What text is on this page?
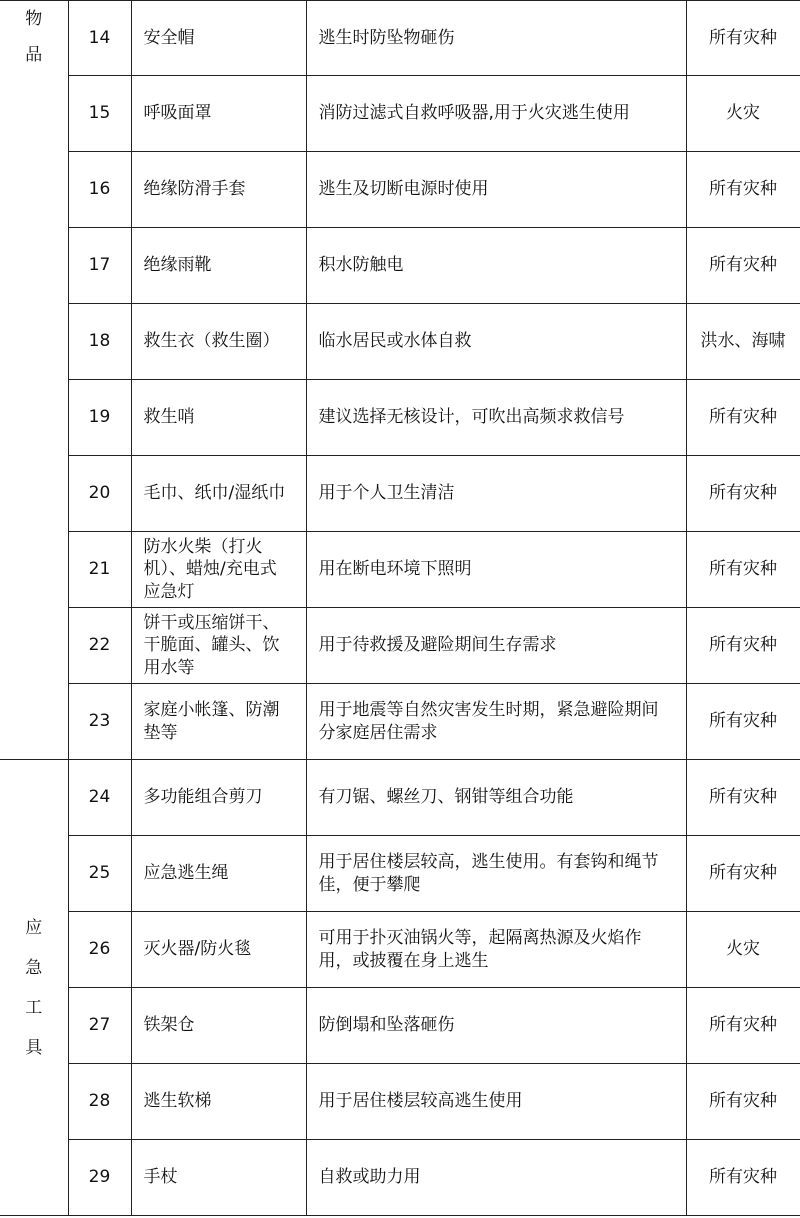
物
品	14	安全帽	逃生时防坠物砸伤	所有灾种
	15	呼吸面罩	消防过滤式自救呼吸器,用于火灾逃生使用	火灾
	16	绝缘防滑手套	逃生及切断电源时使用	所有灾种
	17	绝缘雨靴	积水防触电	所有灾种
	18	救生衣（救生圈）	临水居民或水体自救	洪水、海啸
	19	救生哨	建议选择无核设计，可吹出高频求救信号	所有灾种
	20	毛巾、纸巾/湿纸巾	用于个人卫生清洁	所有灾种
	21	防水火柴（打火机）、蜡烛/充电式应急灯	用在断电环境下照明	所有灾种
	22	饼干或压缩饼干、干脆面、罐头、饮用水等	用于待救援及避险期间生存需求	所有灾种
	23	家庭小帐篷、防潮垫等	用于地震等自然灾害发生时期，紧急避险期间分家庭居住需求	所有灾种

应
急
工
具	24	多功能组合剪刀	有刀锯、螺丝刀、钢钳等组合功能	所有灾种
	25	应急逃生绳	用于居住楼层较高，逃生使用。有套钩和绳节佳，便于攀爬	所有灾种
	26	灭火器/防火毯	可用于扑灭油锅火等，起隔离热源及火焰作用，或披覆在身上逃生	火灾
	27	铁架仓	防倒塌和坠落砸伤	所有灾种
	28	逃生软梯	用于居住楼层较高逃生使用	所有灾种
	29	手杖	自救或助力用	所有灾种
